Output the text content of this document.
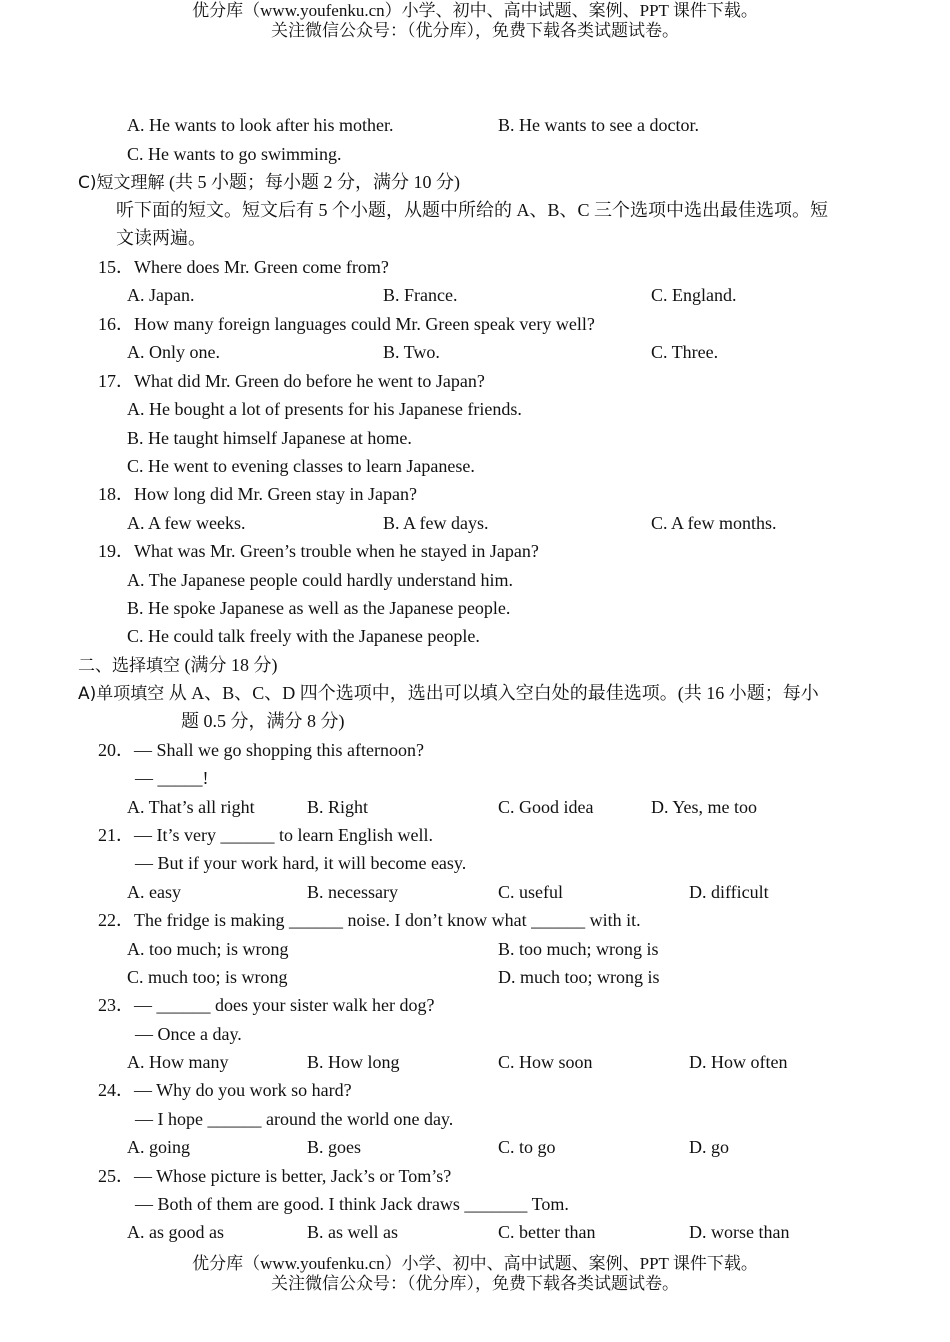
优分库（www.youfenku.cn）小学、初中、高中试题、案例、PPT 课件下载。
关注微信公众号：（优分库），免费下载各类试题试卷。
A. He wants to look after his mother.	B. He wants to see a doctor.
C. He wants to go swimming.
C)短文理解 (共 5 小题；每小题 2 分，满分 10 分)
听下面的短文。短文后有 5 个小题，从题中所给的 A、B、C 三个选项中选出最佳选项。短
文读两遍。
15．Where does Mr. Green come from?
A. Japan.	B. France.	C. England.
16．How many foreign languages could Mr. Green speak very well?
A. Only one.	B. Two.	C. Three.
17．What did Mr. Green do before he went to Japan?
A. He bought a lot of presents for his Japanese friends.
B. He taught himself Japanese at home.
C. He went to evening classes to learn Japanese.
18．How long did Mr. Green stay in Japan?
A. A few weeks.	B. A few days.	C. A few months.
19．What was Mr. Green’s trouble when he stayed in Japan?
A. The Japanese people could hardly understand him.
B. He spoke Japanese as well as the Japanese people.
C. He could talk freely with the Japanese people.
二、选择填空 (满分 18 分)
A)单项填空 从 A、B、C、D 四个选项中，选出可以填入空白处的最佳选项。(共 16 小题；每小
题 0.5 分，满分 8 分)
20．— Shall we go shopping this afternoon?
— _____!
A. That’s all right	B. Right	C. Good idea	D. Yes, me too
21．— It’s very ______ to learn English well.
— But if your work hard, it will become easy.
A. easy	B. necessary	C. useful	D. difficult
22．The fridge is making ______ noise. I don’t know what ______ with it.
A. too much; is wrong	B. too much; wrong is
C. much too; is wrong	D. much too; wrong is
23．— ______ does your sister walk her dog?
— Once a day.
A. How many	B. How long	C. How soon	D. How often
24．— Why do you work so hard?
— I hope ______ around the world one day.
A. going	B. goes	C. to go	D. go
25．— Whose picture is better, Jack’s or Tom’s?
— Both of them are good. I think Jack draws _______ Tom.
A. as good as	B. as well as	C. better than	D. worse than
优分库（www.youfenku.cn）小学、初中、高中试题、案例、PPT 课件下载。
关注微信公众号：（优分库），免费下载各类试题试卷。
